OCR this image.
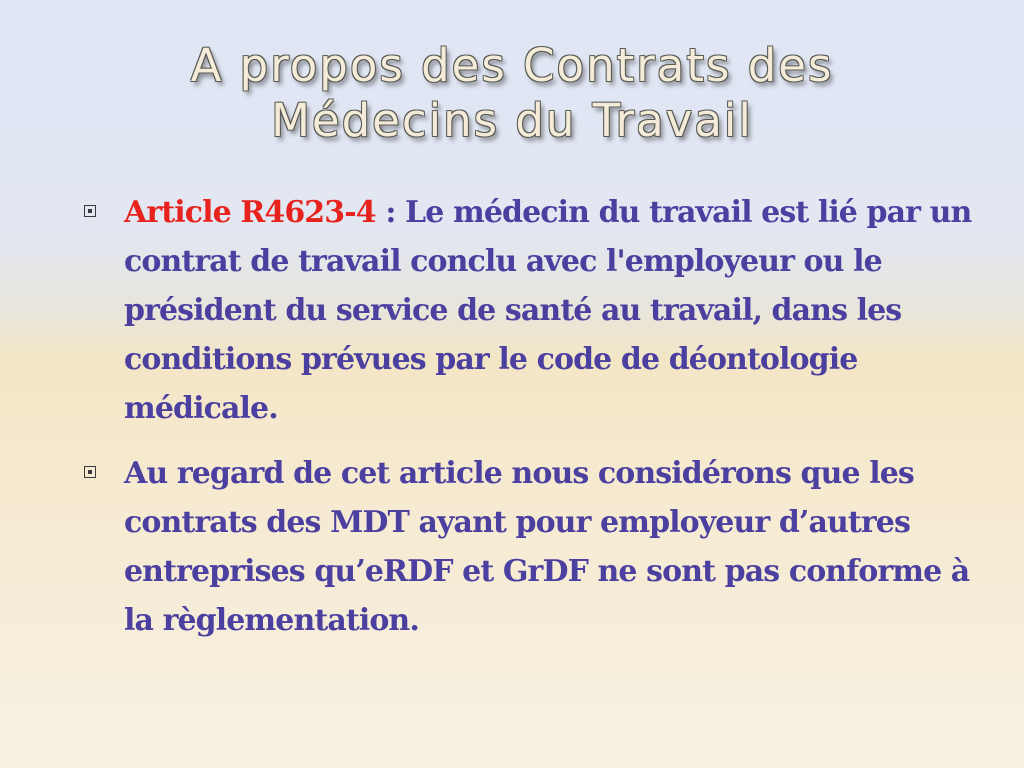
A propos des Contrats des
Médecins du Travail
Article R4623-4 : Le médecin du travail est lié par un contrat de travail conclu avec l'employeur ou le président du service de santé au travail, dans les conditions prévues par le code de déontologie médicale.
Au regard de cet article nous considérons que les contrats des MDT ayant pour employeur d’autres entreprises qu’eRDF et GrDF ne sont pas conforme à la règlementation.
